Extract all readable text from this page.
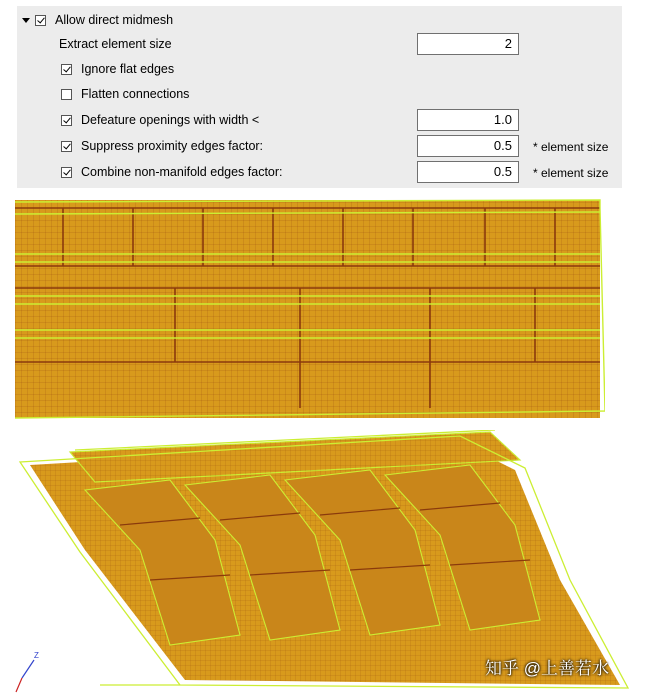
Allow direct midmesh
Extract element size	2
Ignore flat edges
Flatten connections
Defeature openings with width <	1.0
Suppress proximity edges factor:	0.5	* element size
Combine non-manifold edges factor:	0.5	* element size
Z
知乎 @上善若水
